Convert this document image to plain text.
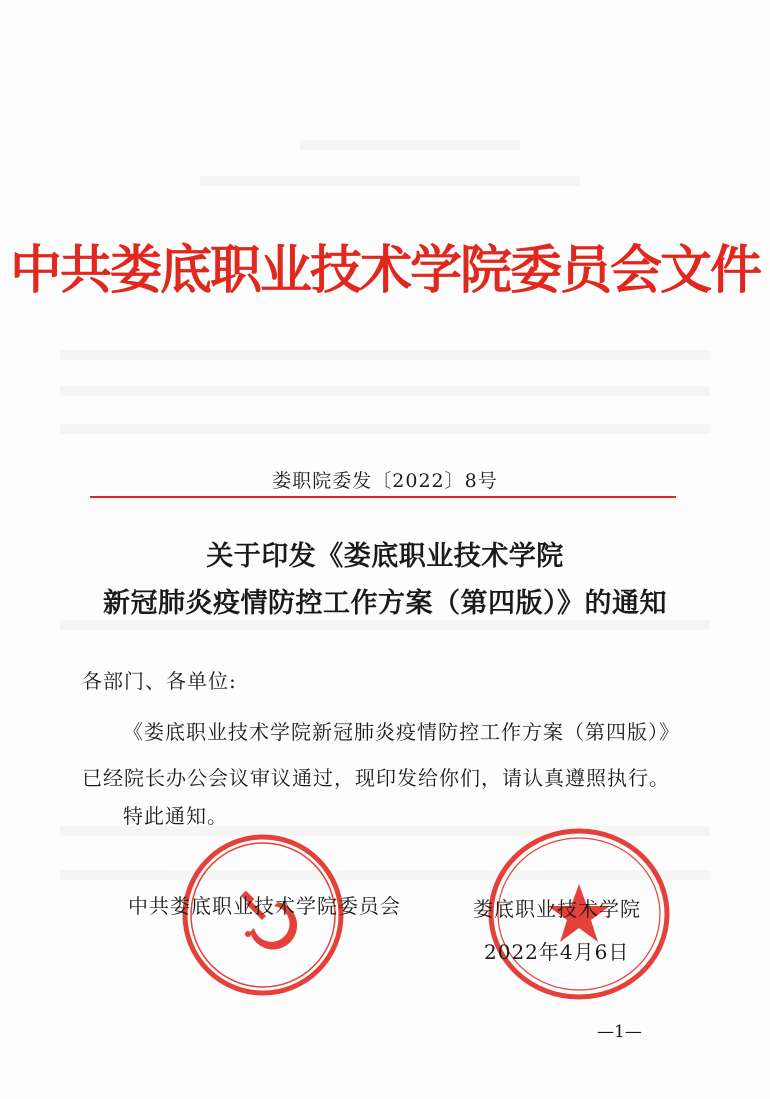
中共娄底职业技术学院委员会文件
娄职院委发〔2022〕8号
关于印发《娄底职业技术学院
新冠肺炎疫情防控工作方案（第四版）》的通知
各部门、各单位:
《娄底职业技术学院新冠肺炎疫情防控工作方案（第四版）》
已经院长办公会议审议通过，现印发给你们，请认真遵照执行。
特此通知。
中共娄底职业技术学院委员会	娄底职业技术学院
2022年4月6日
—1—
